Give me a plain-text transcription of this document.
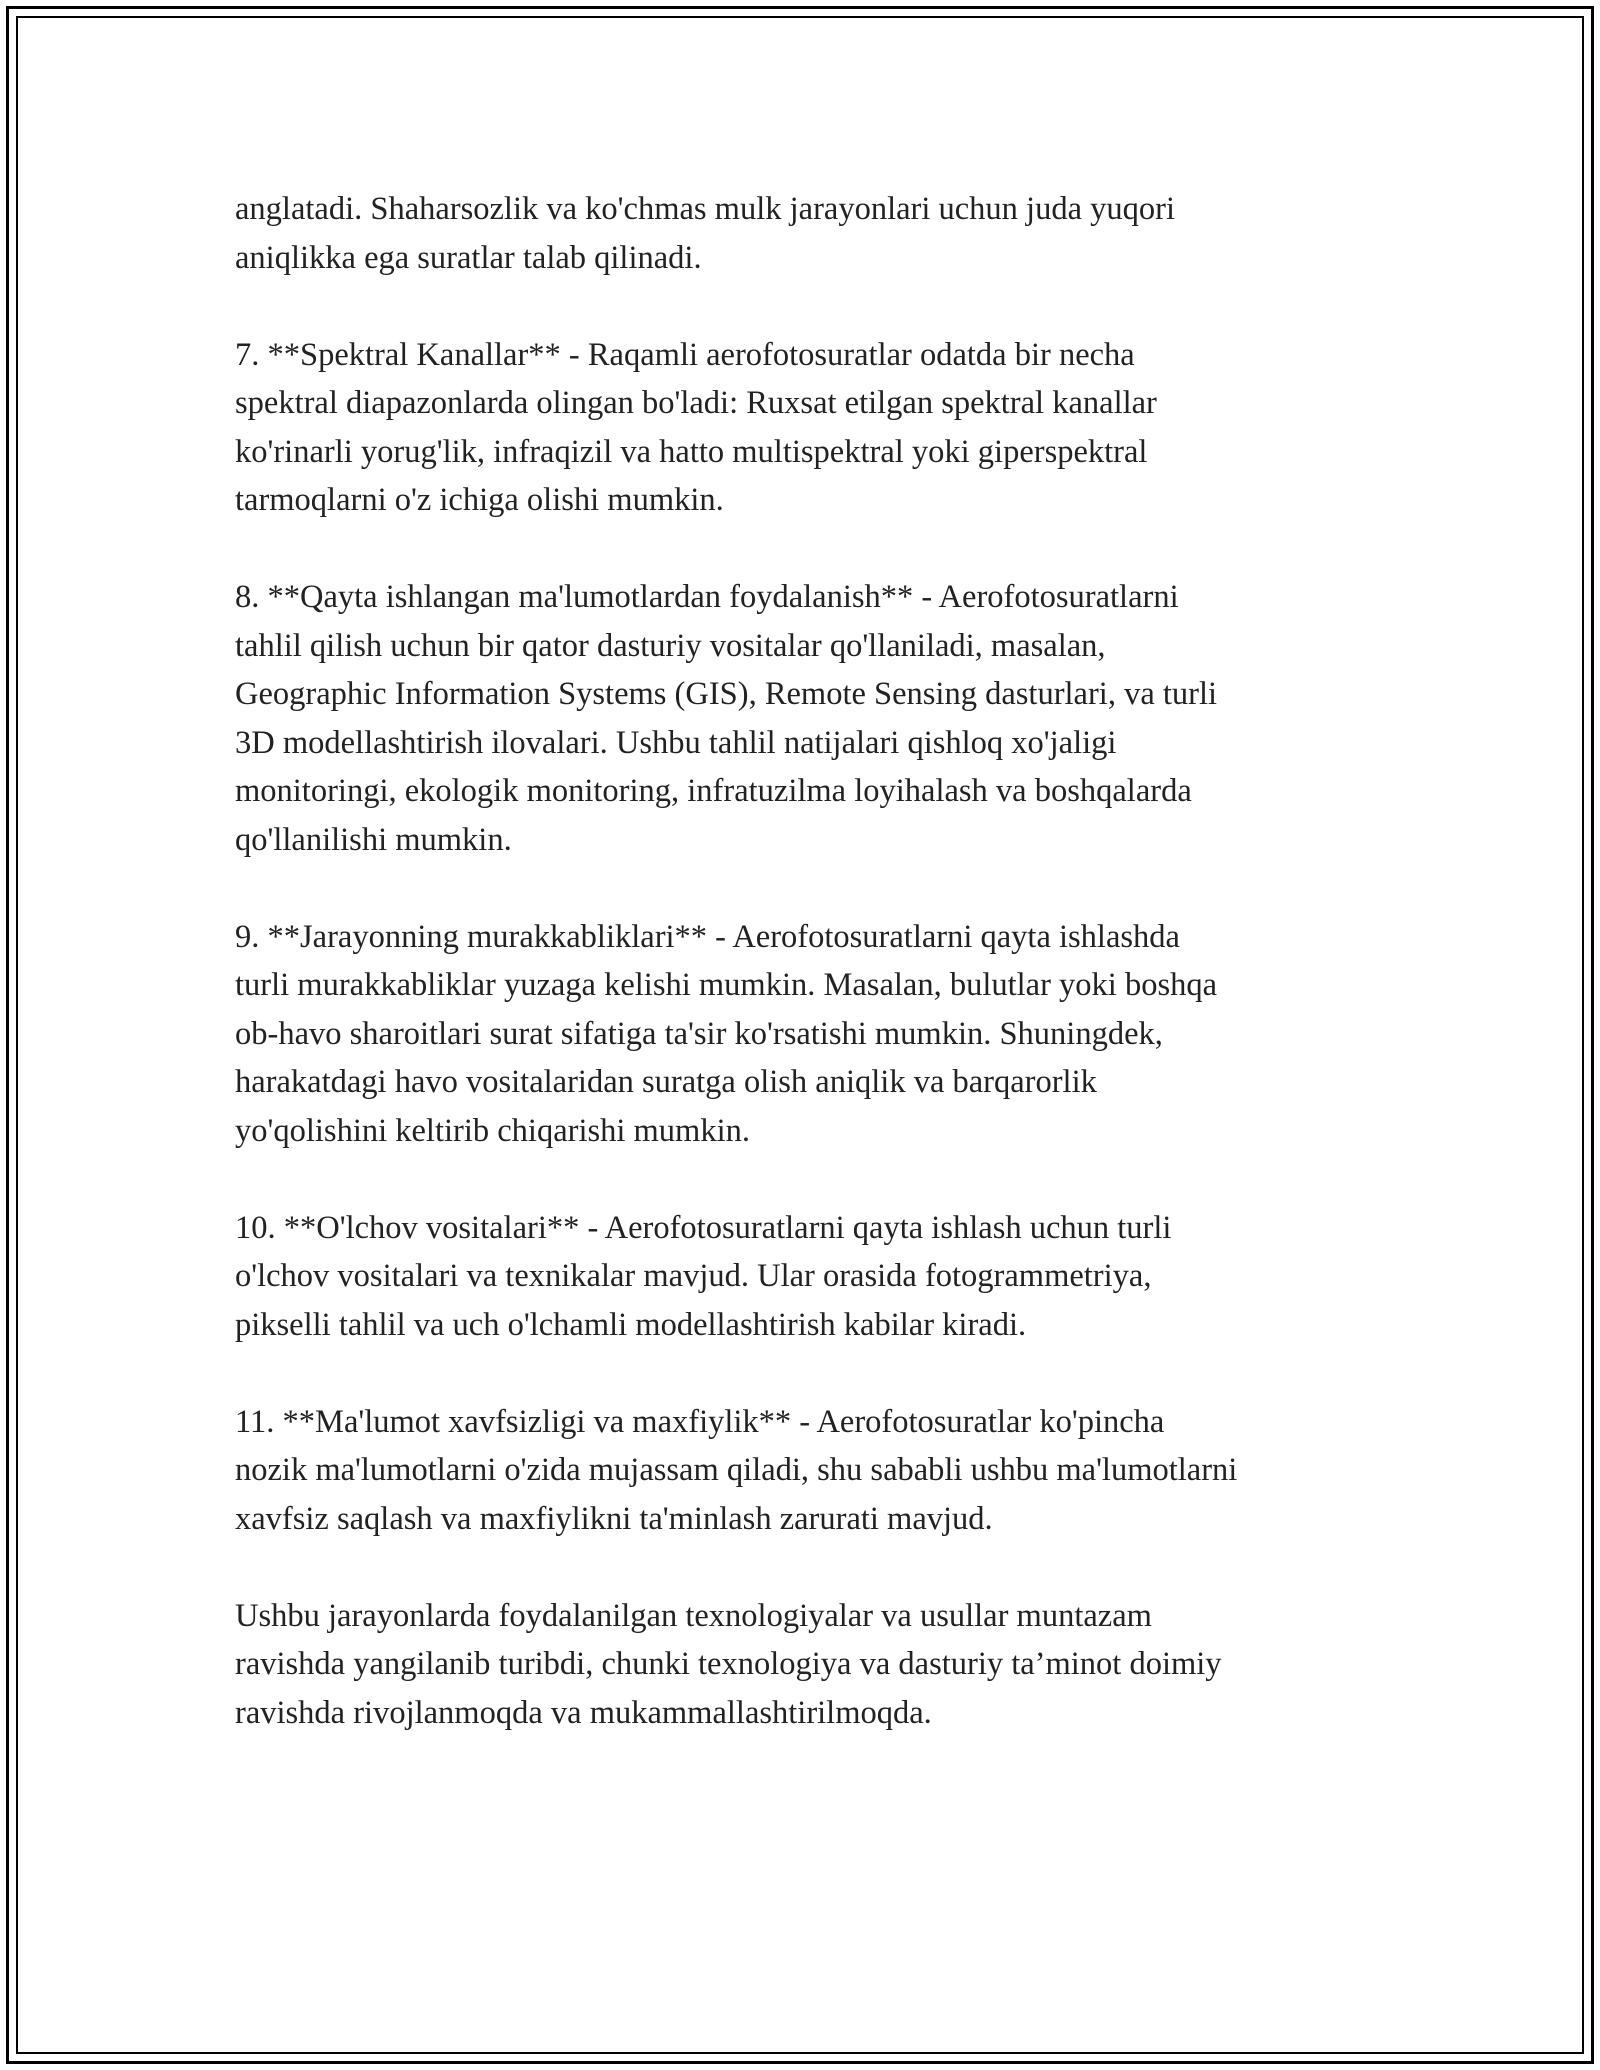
anglatadi. Shaharsozlik va ko'chmas mulk jarayonlari uchun juda yuqori
aniqlikka ega suratlar talab qilinadi.

7. **Spektral Kanallar** - Raqamli aerofotosuratlar odatda bir necha
spektral diapazonlarda olingan bo'ladi: Ruxsat etilgan spektral kanallar
ko'rinarli yorug'lik, infraqizil va hatto multispektral yoki giperspektral
tarmoqlarni o'z ichiga olishi mumkin.

8. **Qayta ishlangan ma'lumotlardan foydalanish** - Aerofotosuratlarni
tahlil qilish uchun bir qator dasturiy vositalar qo'llaniladi, masalan,
Geographic Information Systems (GIS), Remote Sensing dasturlari, va turli
3D modellashtirish ilovalari. Ushbu tahlil natijalari qishloq xo'jaligi
monitoringi, ekologik monitoring, infratuzilma loyihalash va boshqalarda
qo'llanilishi mumkin.

9. **Jarayonning murakkabliklari** - Aerofotosuratlarni qayta ishlashda
turli murakkabliklar yuzaga kelishi mumkin. Masalan, bulutlar yoki boshqa
ob-havo sharoitlari surat sifatiga ta'sir ko'rsatishi mumkin. Shuningdek,
harakatdagi havo vositalaridan suratga olish aniqlik va barqarorlik
yo'qolishini keltirib chiqarishi mumkin.

10. **O'lchov vositalari** - Aerofotosuratlarni qayta ishlash uchun turli
o'lchov vositalari va texnikalar mavjud. Ular orasida fotogrammetriya,
pikselli tahlil va uch o'lchamli modellashtirish kabilar kiradi.

11. **Ma'lumot xavfsizligi va maxfiylik** - Aerofotosuratlar ko'pincha
nozik ma'lumotlarni o'zida mujassam qiladi, shu sababli ushbu ma'lumotlarni
xavfsiz saqlash va maxfiylikni ta'minlash zarurati mavjud.

Ushbu jarayonlarda foydalanilgan texnologiyalar va usullar muntazam
ravishda yangilanib turibdi, chunki texnologiya va dasturiy ta’minot doimiy
ravishda rivojlanmoqda va mukammallashtirilmoqda.
